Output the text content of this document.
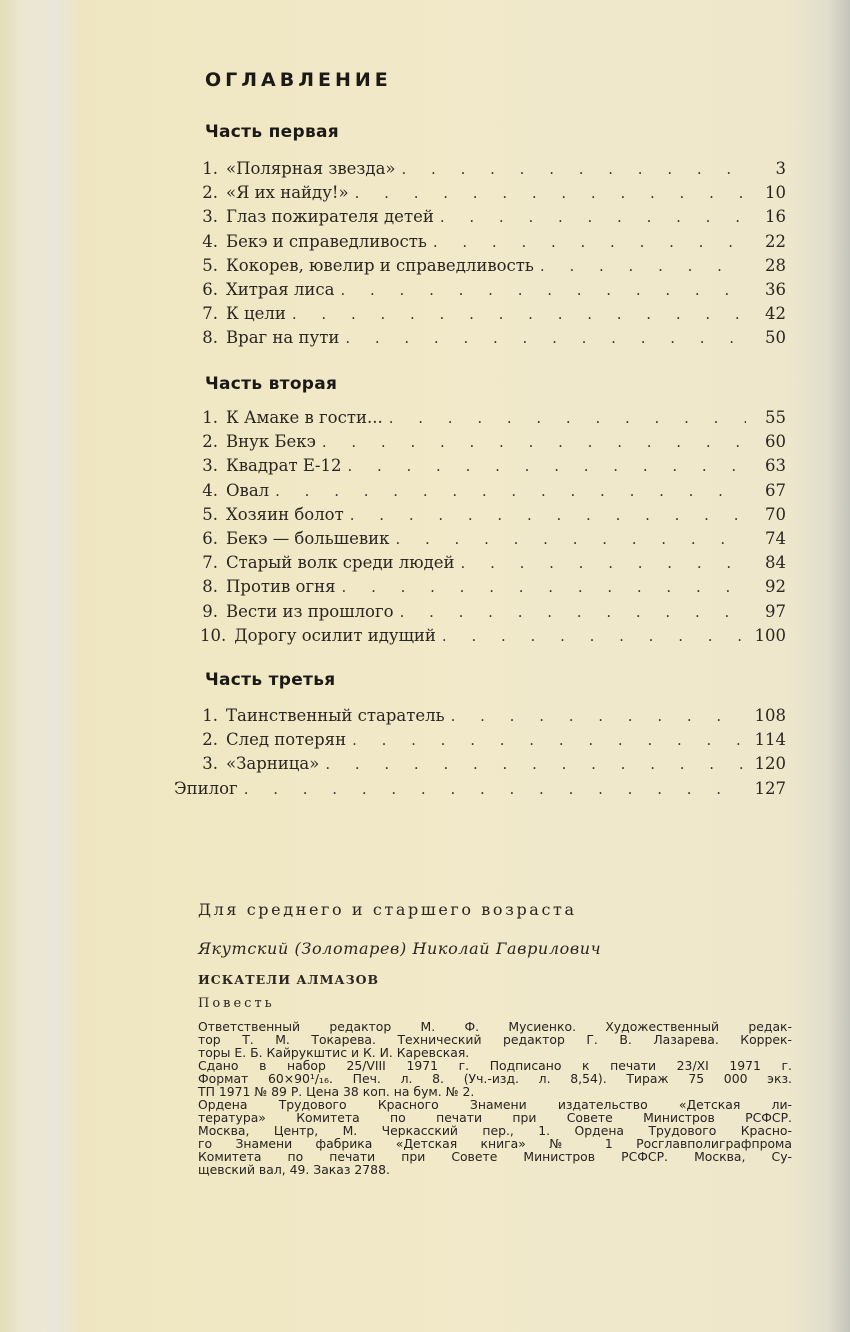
ОГЛАВЛЕНИЕ
Часть первая
1. «Полярная звезда» . . .	3
2. «Я их найду!» . . .	10
3. Глаз пожирателя детей . . .	16
4. Бекэ и справедливость . . .	22
5. Кокорев, ювелир и справедливость . . .	28
6. Хитрая лиса . . .	36
7. К цели . . .	42
8. Враг на пути . . .	50
Часть вторая
1. К Амаке в гости... . . .	55
2. Внук Бекэ . . .	60
3. Квадрат Е-12 . . .	63
4. Овал . . .	67
5. Хозяин болот . . .	70
6. Бекэ — большевик . . .	74
7. Старый волк среди людей . . .	84
8. Против огня . . .	92
9. Вести из прошлого . . .	97
10. Дорогу осилит идущий . . .	100
Часть третья
1. Таинственный старатель . . .	108
2. След потерян . . .	114
3. «Зарница» . . .	120
Эпилог . . .	127
Для среднего и старшего возраста
Якутский (Золотарев) Николай Гаврилович
ИСКАТЕЛИ АЛМАЗОВ
Повесть
Ответственный редактор М. Ф. Мусиенко. Художественный редак-
тор Т. М. Токарева. Технический редактор Г. В. Лазарева. Коррек-
торы Е. Б. Кайрукштис и К. И. Каревская.
Сдано в набор 25/VIII 1971 г. Подписано к печати 23/XI 1971 г.
Формат 60×90¹/₁₆. Печ. л. 8. (Уч.-изд. л. 8,54). Тираж 75 000 экз.
ТП 1971 № 89 Р. Цена 38 коп. на бум. № 2.
Ордена Трудового Красного Знамени издательство «Детская ли-
тература» Комитета по печати при Совете Министров РСФСР.
Москва, Центр, М. Черкасский пер., 1. Ордена Трудового Красно-
го Знамени фабрика «Детская книга» № 1 Росглавполиграфпрома
Комитета по печати при Совете Министров РСФСР. Москва, Су-
щевский вал, 49. Заказ 2788.
